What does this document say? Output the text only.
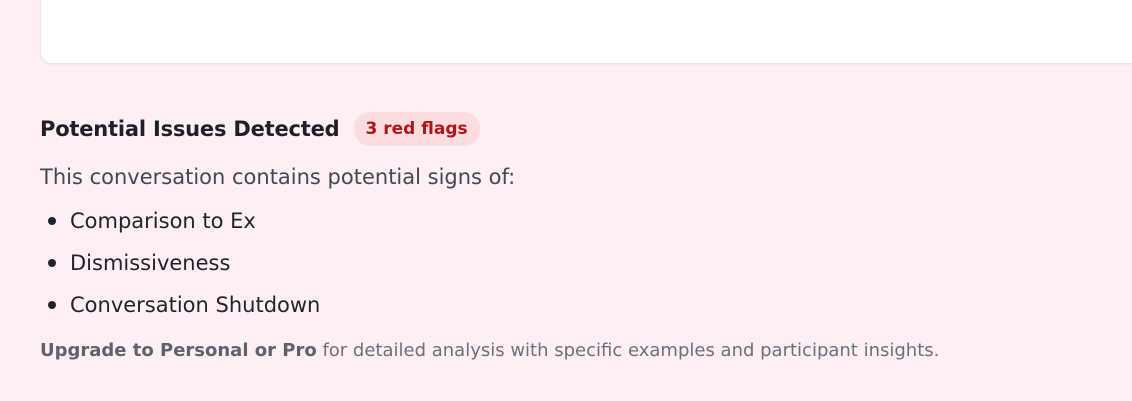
Potential Issues Detected	3 red flags
This conversation contains potential signs of:
Comparison to Ex
Dismissiveness
Conversation Shutdown
Upgrade to Personal or Pro for detailed analysis with specific examples and participant insights.
